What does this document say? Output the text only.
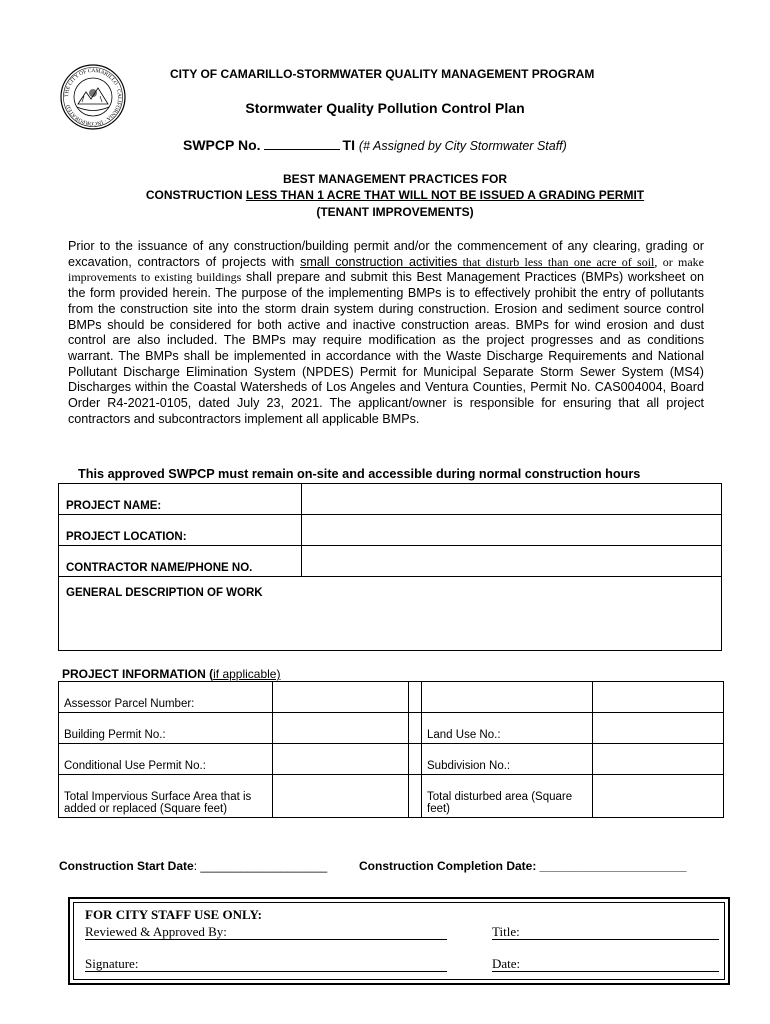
THE CITY OF CAMARILLO · CALIFORNIA · INCORPORATED
CITY OF CAMARILLO-STORMWATER QUALITY MANAGEMENT PROGRAM
Stormwater Quality Pollution Control Plan
SWPCP No.	TI (# Assigned by City Stormwater Staff)
BEST MANAGEMENT PRACTICES FOR
CONSTRUCTION LESS THAN 1 ACRE THAT WILL NOT BE ISSUED A GRADING PERMIT
(TENANT IMPROVEMENTS)
Prior to the issuance of any construction/building permit and/or the commencement of any clearing, grading or excavation, contractors of projects with small construction activities that disturb less than one acre of soil, or make improvements to existing buildings shall prepare and submit this Best Management Practices (BMPs) worksheet on the form provided herein. The purpose of the implementing BMPs is to effectively prohibit the entry of pollutants from the construction site into the storm drain system during construction. Erosion and sediment source control BMPs should be considered for both active and inactive construction areas. BMPs for wind erosion and dust control are also included. The BMPs may require modification as the project progresses and as conditions warrant. The BMPs shall be implemented in accordance with the Waste Discharge Requirements and National Pollutant Discharge Elimination System (NPDES) Permit for Municipal Separate Storm Sewer System (MS4) Discharges within the Coastal Watersheds of Los Angeles and Ventura Counties, Permit No. CAS004004, Board Order R4-2021-0105, dated July 23, 2021. The applicant/owner is responsible for ensuring that all project contractors and subcontractors implement all applicable BMPs.
This approved SWPCP must remain on-site and accessible during normal construction hours
PROJECT NAME:	
PROJECT LOCATION:	
CONTRACTOR NAME/PHONE NO.	
GENERAL DESCRIPTION OF WORK	
PROJECT INFORMATION (if applicable)
Assessor Parcel Number:				
Building Permit No.:			Land Use No.:	
Conditional Use Permit No.:			Subdivision No.:	
Total Impervious Surface Area that is added or replaced (Square feet)			Total disturbed area (Square feet)	
Construction Start Date: ___________________	Construction Completion Date: ______________________
FOR CITY STAFF USE ONLY:
Reviewed & Approved By:	Title:
Signature:	Date:
